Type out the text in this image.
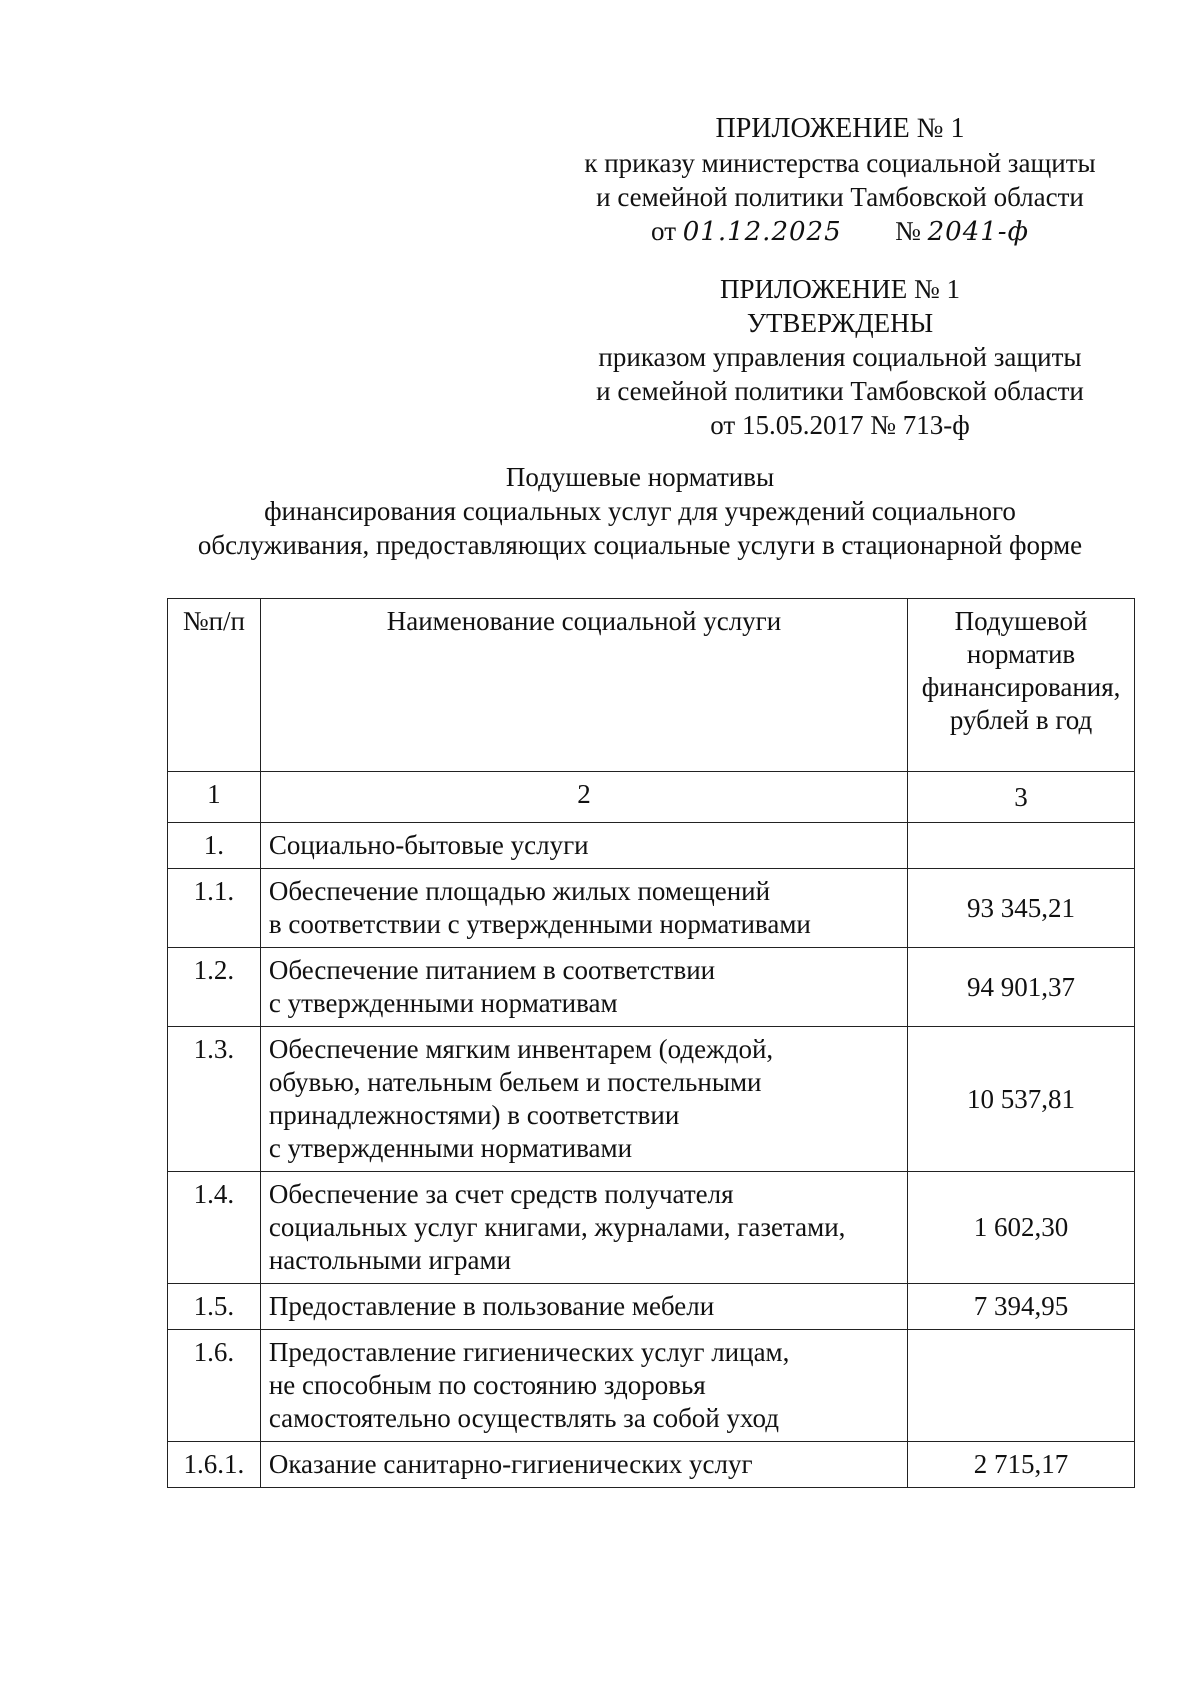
ПРИЛОЖЕНИЕ № 1
к приказу министерства социальной защиты
и семейной политики Тамбовской области
от 01.12.2025 № 2041-ф
ПРИЛОЖЕНИЕ № 1
УТВЕРЖДЕНЫ
приказом управления социальной защиты
и семейной политики Тамбовской области
от 15.05.2017 № 713-ф
Подушевые нормативы
финансирования социальных услуг для учреждений социального
обслуживания, предоставляющих социальные услуги в стационарной форме
№п/п	Наименование социальной услуги	Подушевой норматив финансирования, рублей в год
1	2	3
1.	Социально-бытовые услуги	
1.1.	Обеспечение площадью жилых помещений
в соответствии с утвержденными нормативами	93 345,21
1.2.	Обеспечение питанием в соответствии
с утвержденными нормативам	94 901,37
1.3.	Обеспечение мягким инвентарем (одеждой,
обувью, нательным бельем и постельными
принадлежностями) в соответствии
с утвержденными нормативами	10 537,81
1.4.	Обеспечение за счет средств получателя
социальных услуг книгами, журналами, газетами,
настольными играми	1 602,30
1.5.	Предоставление в пользование мебели	7 394,95
1.6.	Предоставление гигиенических услуг лицам,
не способным по состоянию здоровья
самостоятельно осуществлять за собой уход	
1.6.1.	Оказание санитарно-гигиенических услуг	2 715,17
